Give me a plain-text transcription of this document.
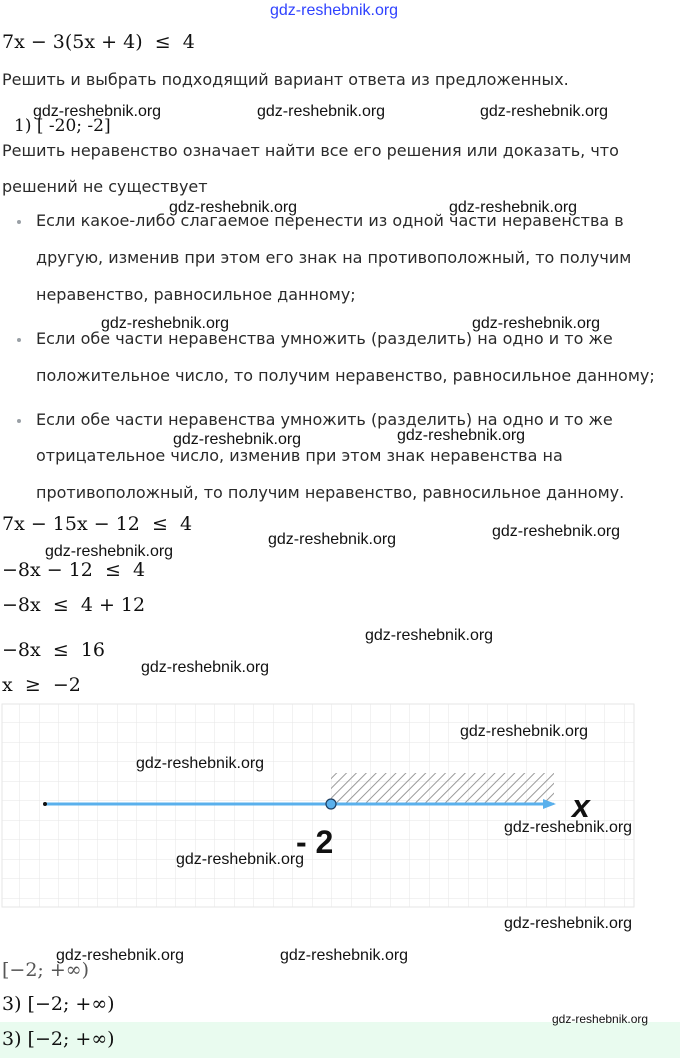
gdz-reshebnik.org
7x − 3(5x + 4) ≤ 4
Решить и выбрать подходящий вариант ответа из предложенных.
1) [ -20; -2]
Решить неравенство означает найти все его решения или доказать, что
решений не существует
Если какое-либо слагаемое перенести из одной части неравенства в
другую, изменив при этом его знак на противоположный, то получим
неравенство, равносильное данному;
Если обе части неравенства умножить (разделить) на одно и то же
положительное число, то получим неравенство, равносильное данному;
Если обе части неравенства умножить (разделить) на одно и то же
отрицательное число, изменив при этом знак неравенства на
противоположный, то получим неравенство, равносильное данному.
7x − 15x − 12 ≤ 4
−8x − 12 ≤ 4
−8x ≤ 4 + 12
−8x ≤ 16
x ≥ −2
- 2
x
[−2; +∞)
3) [−2; +∞)
3) [−2; +∞)
gdz-reshebnik.org	gdz-reshebnik.org	gdz-reshebnik.org
gdz-reshebnik.org	gdz-reshebnik.org
gdz-reshebnik.org	gdz-reshebnik.org
gdz-reshebnik.org	gdz-reshebnik.org
gdz-reshebnik.org
gdz-reshebnik.org
gdz-reshebnik.org
gdz-reshebnik.org
gdz-reshebnik.org
gdz-reshebnik.org
gdz-reshebnik.org
gdz-reshebnik.org
gdz-reshebnik.org
gdz-reshebnik.org
gdz-reshebnik.org	gdz-reshebnik.org
gdz-reshebnik.org
